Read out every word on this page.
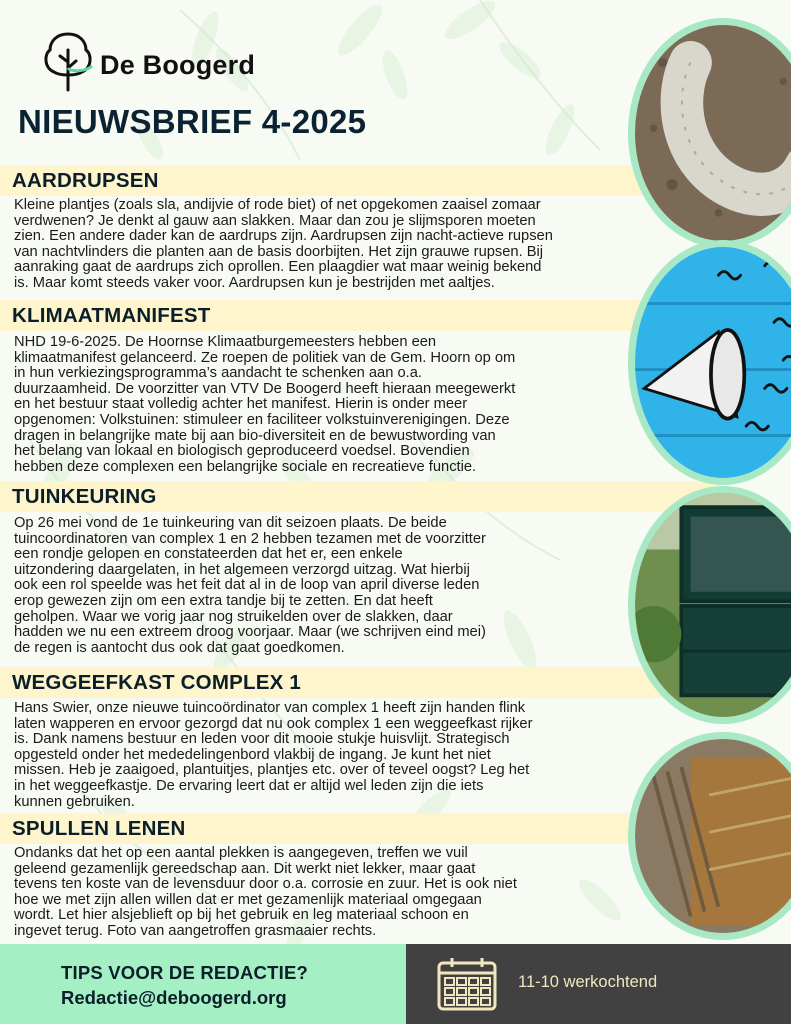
De Boogerd
NIEUWSBRIEF 4-2025
AARDRUPSEN

Kleine plantjes (zoals sla, andijvie of rode biet) of net opgekomen zaaisel zomaar
verdwenen? Je denkt al gauw aan slakken. Maar dan zou je slijmsporen moeten
zien. Een andere dader kan de aardrups zijn. Aardrupsen zijn nacht-actieve rupsen
van nachtvlinders die planten aan de basis doorbijten. Het zijn grauwe rupsen. Bij
aanraking gaat de aardrups zich oprollen. Een plaagdier wat maar weinig bekend
is. Maar komt steeds vaker voor. Aardrupsen kun je bestrijden met aaltjes.

KLIMAATMANIFEST

NHD 19-6-2025. De Hoornse Klimaatburgemeesters hebben een
klimaatmanifest gelanceerd. Ze roepen de politiek van de Gem. Hoorn op om
in hun verkiezingsprogramma’s aandacht te schenken aan o.a.
duurzaamheid. De voorzitter van VTV De Boogerd heeft hieraan meegewerkt
en het bestuur staat volledig achter het manifest. Hierin is onder meer
opgenomen: Volkstuinen: stimuleer en faciliteer volkstuinverenigingen. Deze
dragen in belangrijke mate bij aan bio-diversiteit en de bewustwording van
het belang van lokaal en biologisch geproduceerd voedsel. Bovendien
hebben deze complexen een belangrijke sociale en recreatieve functie.

TUINKEURING

Op 26 mei vond de 1e tuinkeuring van dit seizoen plaats. De beide
tuincoordinatoren van complex 1 en 2 hebben tezamen met de voorzitter
een rondje gelopen en constateerden dat het er, een enkele
uitzondering daargelaten, in het algemeen verzorgd uitzag. Wat hierbij
ook een rol speelde was het feit dat al in de loop van april diverse leden
erop gewezen zijn om een extra tandje bij te zetten. En dat heeft
geholpen. Waar we vorig jaar nog struikelden over de slakken, daar
hadden we nu een extreem droog voorjaar. Maar (we schrijven eind mei)
de regen is aantocht dus ook dat gaat goedkomen.

WEGGEEFKAST COMPLEX 1

Hans Swier, onze nieuwe tuincoördinator van complex 1 heeft zijn handen flink
laten wapperen en ervoor gezorgd dat nu ook complex 1 een weggeefkast rijker
is. Dank namens bestuur en leden voor dit mooie stukje huisvlijt. Strategisch
opgesteld onder het mededelingenbord vlakbij de ingang. Je kunt het niet
missen. Heb je zaaigoed, plantuitjes, plantjes etc. over of teveel oogst? Leg het
in het weggeefkastje. De ervaring leert dat er altijd wel leden zijn die iets
kunnen gebruiken.

SPULLEN LENEN

Ondanks dat het op een aantal plekken is aangegeven, treffen we vuil
geleend gezamenlijk gereedschap aan. Dit werkt niet lekker, maar gaat
tevens ten koste van de levensduur door o.a. corrosie en zuur. Het is ook niet
hoe we met zijn allen willen dat er met gezamenlijk materiaal omgegaan
wordt. Let hier alsjeblieft op bij het gebruik en leg materiaal schoon en
ingevet terug. Foto van aangetroffen grasmaaier rechts.

TIPS VOOR DE REDACTIE?
Redactie@deboogerd.org
11-10 werkochtend
